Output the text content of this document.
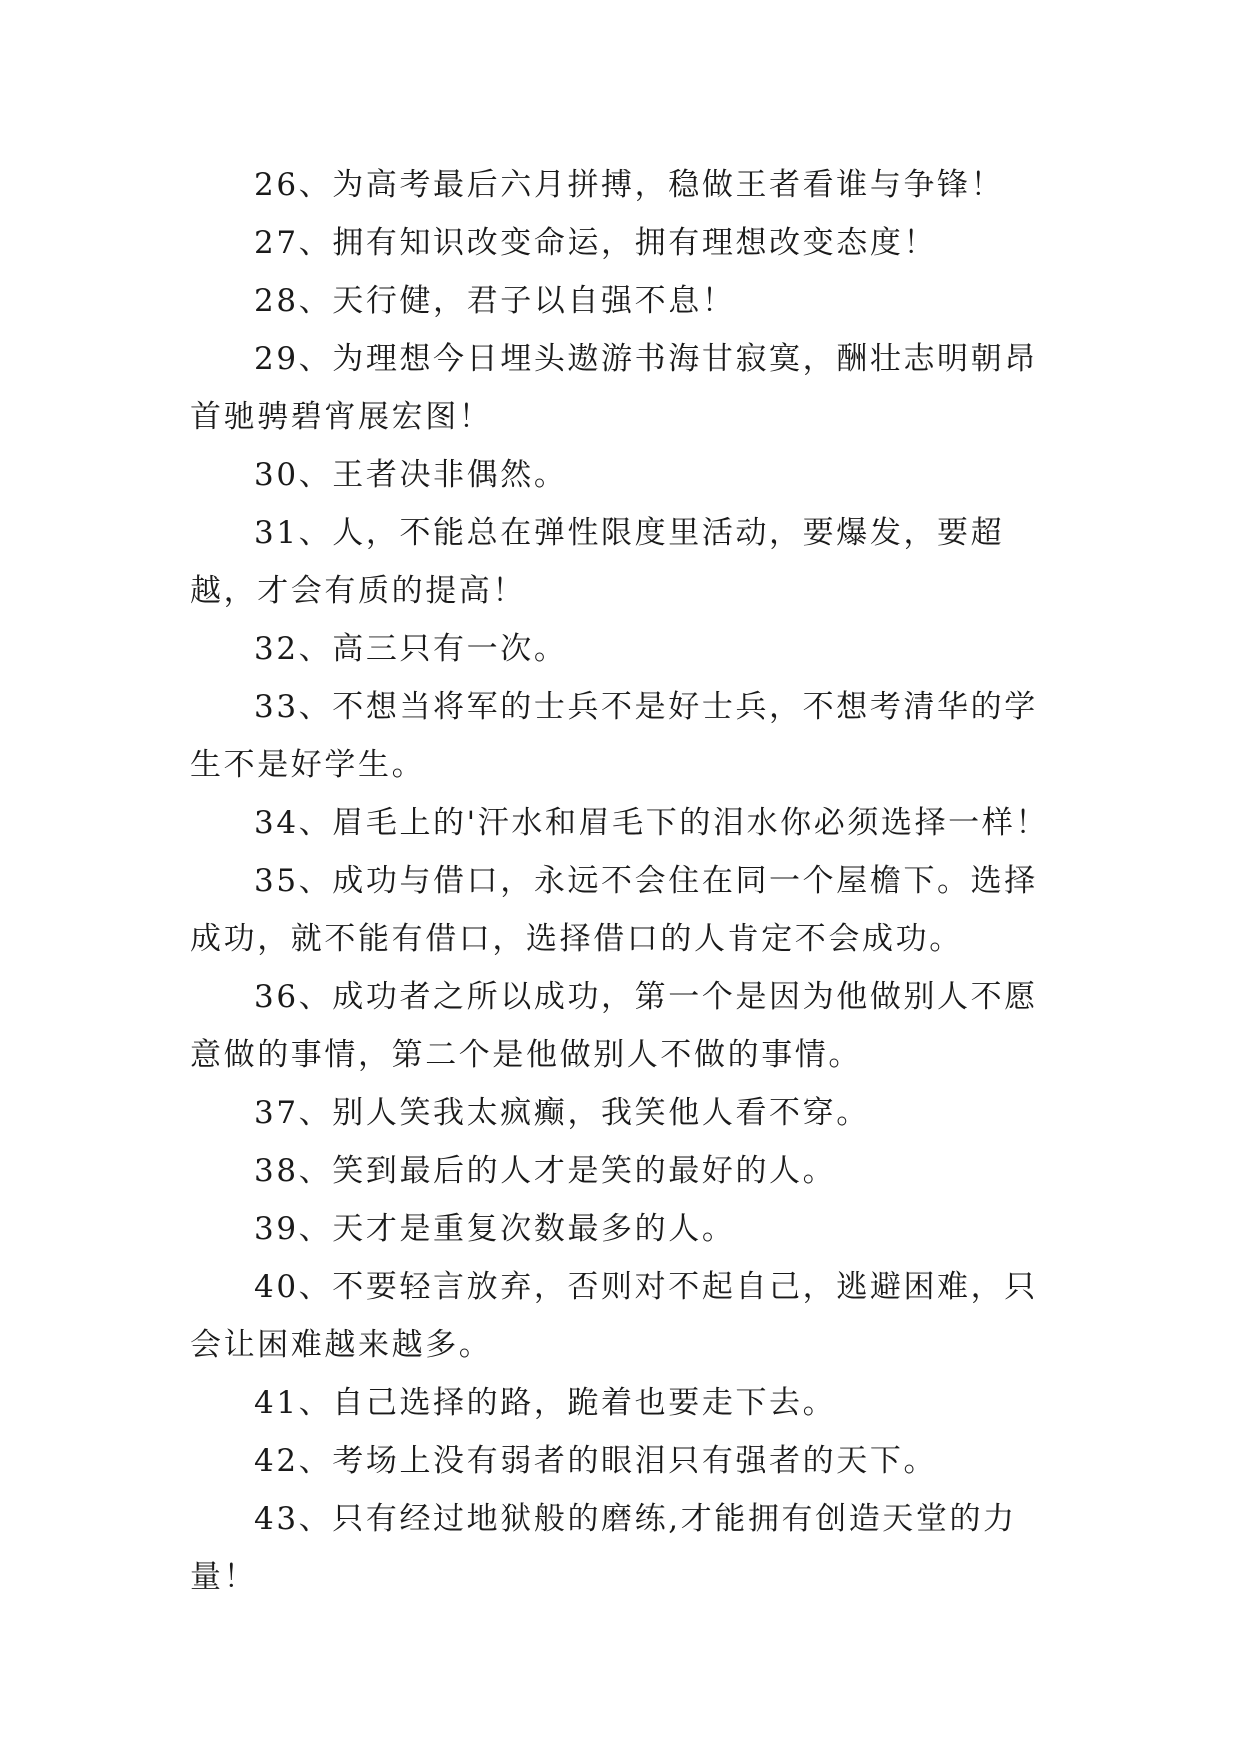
26、为高考最后六月拼搏，稳做王者看谁与争锋！

27、拥有知识改变命运，拥有理想改变态度！

28、天行健，君子以自强不息！

29、为理想今日埋头遨游书海甘寂寞，酬壮志明朝昂首驰骋碧宵展宏图！

30、王者决非偶然。

31、人，不能总在弹性限度里活动，要爆发，要超越，才会有质的提高！

32、高三只有一次。

33、不想当将军的士兵不是好士兵，不想考清华的学生不是好学生。

34、眉毛上的'汗水和眉毛下的泪水你必须选择一样！

35、成功与借口，永远不会住在同一个屋檐下。选择成功，就不能有借口，选择借口的人肯定不会成功。

36、成功者之所以成功，第一个是因为他做别人不愿意做的事情，第二个是他做别人不做的事情。

37、别人笑我太疯癫，我笑他人看不穿。

38、笑到最后的人才是笑的最好的人。

39、天才是重复次数最多的人。

40、不要轻言放弃，否则对不起自己，逃避困难，只会让困难越来越多。

41、自己选择的路，跪着也要走下去。

42、考场上没有弱者的眼泪只有强者的天下。

43、只有经过地狱般的磨练,才能拥有创造天堂的力量！
